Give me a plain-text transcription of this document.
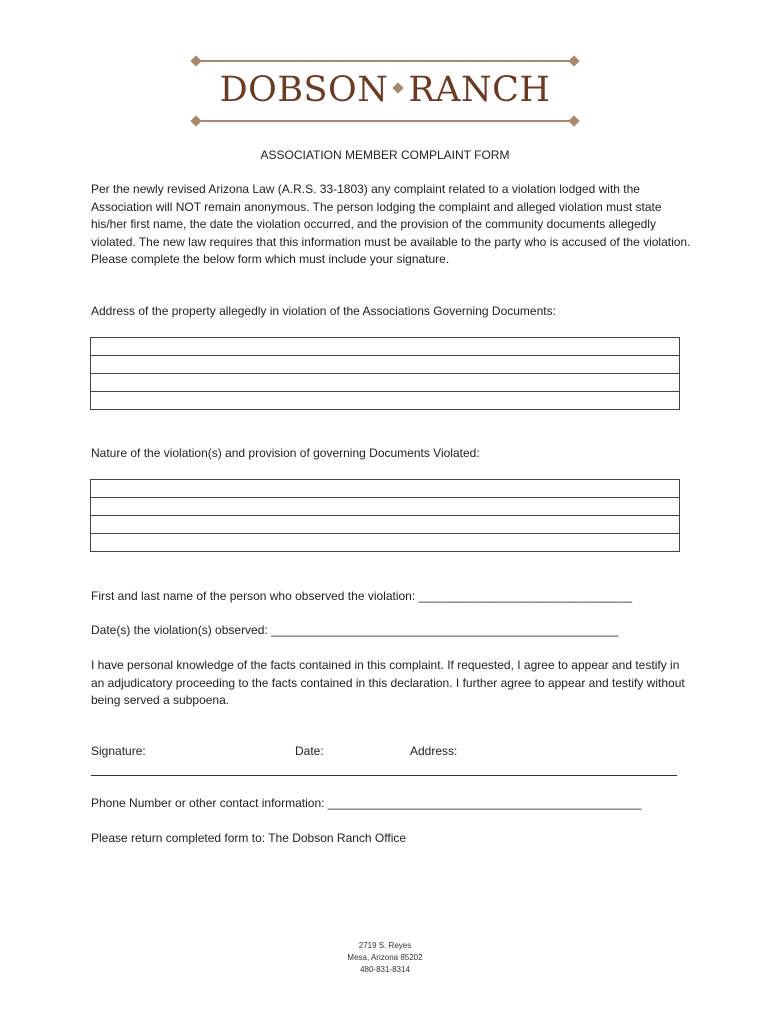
DOBSON RANCH
ASSOCIATION MEMBER COMPLAINT FORM
Per the newly revised Arizona Law (A.R.S. 33-1803) any complaint related to a violation lodged with the Association will NOT remain anonymous. The person lodging the complaint and alleged violation must state his/her first name, the date the violation occurred, and the provision of the community documents allegedly violated. The new law requires that this information must be available to the party who is accused of the violation. Please complete the below form which must include your signature.
Address of the property allegedly in violation of the Associations Governing Documents:
Nature of the violation(s) and provision of governing Documents Violated:
First and last name of the person who observed the violation: ________________________________
Date(s) the violation(s) observed: ____________________________________________________
I have personal knowledge of the facts contained in this complaint. If requested, I agree to appear and testify in an adjudicatory proceeding to the facts contained in this declaration. I further agree to appear and testify without being served a subpoena.
Signature:	Date:	Address:
Phone Number or other contact information: _______________________________________________
Please return completed form to: The Dobson Ranch Office
2719 S. Reyes
Mesa, Arizona 85202
480-831-8314
